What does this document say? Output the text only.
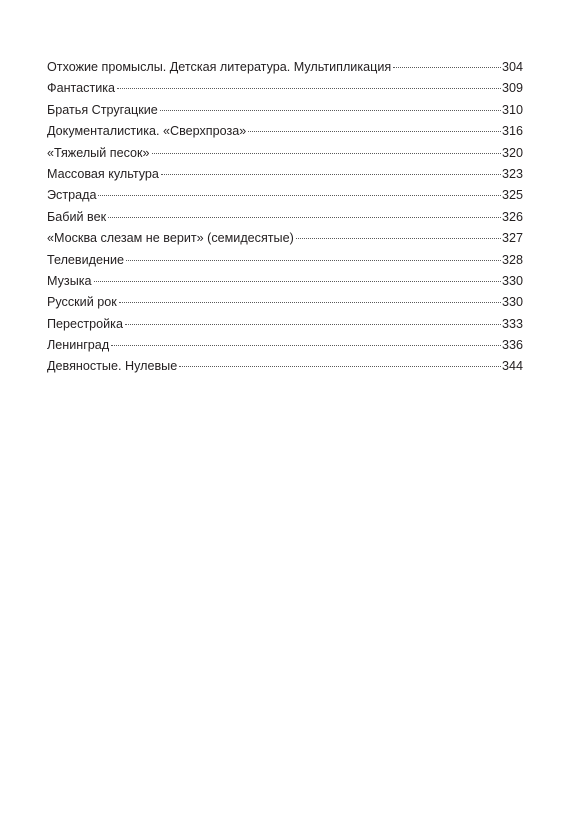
Отхожие промыслы. Детская литература. Мультипликация	304
Фантастика	309
Братья Стругацкие	310
Документалистика. «Сверхпроза»	316
«Тяжелый песок»	320
Массовая культура	323
Эстрада	325
Бабий век	326
«Москва слезам не верит» (семидесятые)	327
Телевидение	328
Музыка	330
Русский рок	330
Перестройка	333
Ленинград	336
Девяностые. Нулевые	344
